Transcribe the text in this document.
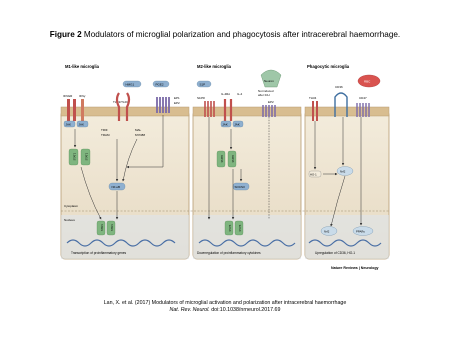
Figure 2 Modulators of microglial polarization and phagocytosis after intracerebral haemorrhage.
M1-like microglia	M2-like microglia	Phagocytic microglia
IFNGR IFNγ
JAK JAK
HMG1	PGE2
TLR2/TLR4
EP1
EP2
TRIF
TRAM
MAL
MYD88
STAT1	STAT1
NF-κB
STAT1	STAT1
Transcription of proinflammatory genes
S1P
S1PR
IL-4Rα IL-4
JAK JAK
Neuron
Not induced
after ICH
EP2
STAT6	STAT6
SOCS3
STAT6	STAT6
Downregulation of proinflammatory cytokines
TLR4
CD36
CD47
RBC
HO-1
Nrf2
Nrf2	PPARγ
Upregulation of CD36, HO-1
Cytoplasm
Nucleus
Nature Reviews | Neurology
Lan, X. et al. (2017) Modulators of microglial activation and polarization after intracerebral haemorrhage
Nat. Rev. Neurol. doi:10.1038/nrneurol.2017.69
